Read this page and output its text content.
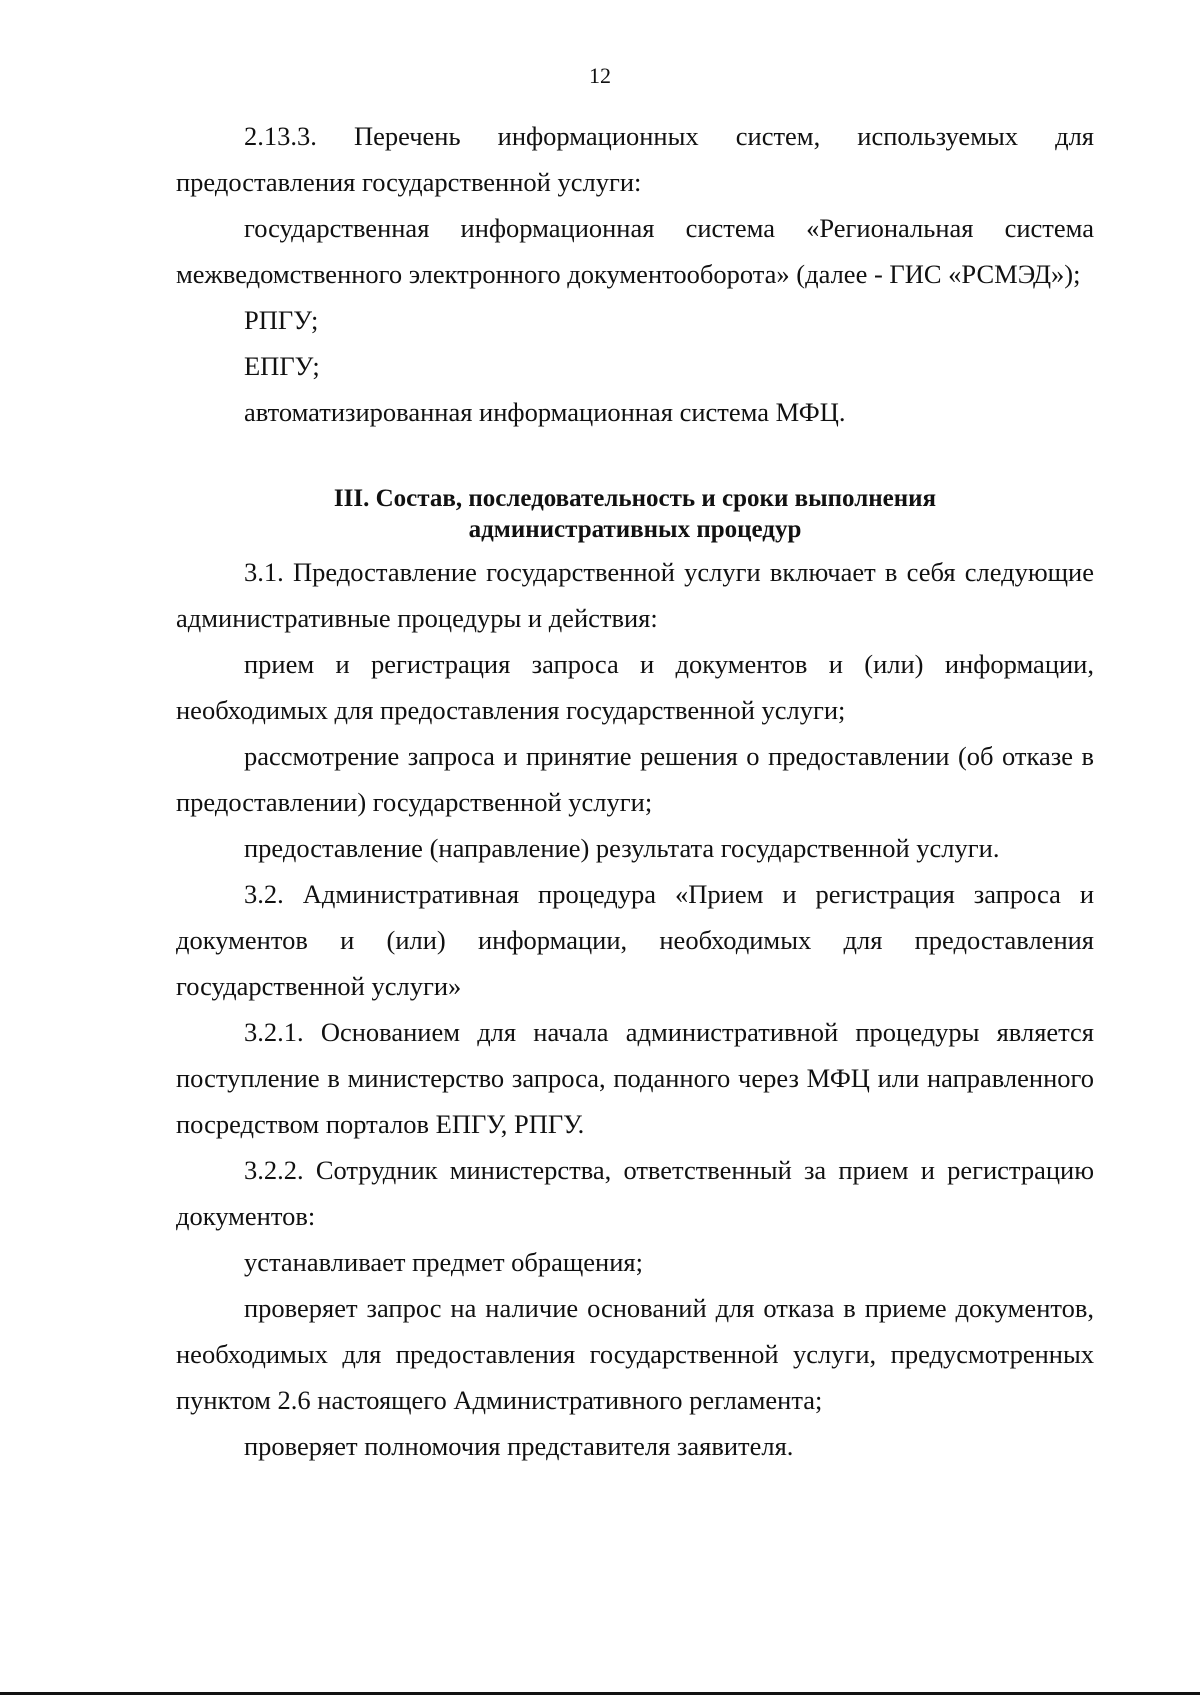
12

2.13.3. Перечень информационных систем, используемых для предоставления государственной услуги:

государственная информационная система «Региональная система межведомственного электронного документооборота» (далее - ГИС «РСМЭД»);

РПГУ;

ЕПГУ;

автоматизированная информационная система МФЦ.

III. Состав, последовательность и сроки выполнения
административных процедур

3.1. Предоставление государственной услуги включает в себя следующие административные процедуры и действия:

прием и регистрация запроса и документов и (или) информации, необходимых для предоставления государственной услуги;

рассмотрение запроса и принятие решения о предоставлении (об отказе в предоставлении) государственной услуги;

предоставление (направление) результата государственной услуги.

3.2. Административная процедура «Прием и регистрация запроса и документов и (или) информации, необходимых для предоставления государственной услуги»

3.2.1. Основанием для начала административной процедуры является поступление в министерство запроса, поданного через МФЦ или направленного посредством порталов ЕПГУ, РПГУ.

3.2.2. Сотрудник министерства, ответственный за прием и регистрацию документов:

устанавливает предмет обращения;

проверяет запрос на наличие оснований для отказа в приеме документов, необходимых для предоставления государственной услуги, предусмотренных пунктом 2.6 настоящего Административного регламента;

проверяет полномочия представителя заявителя.
